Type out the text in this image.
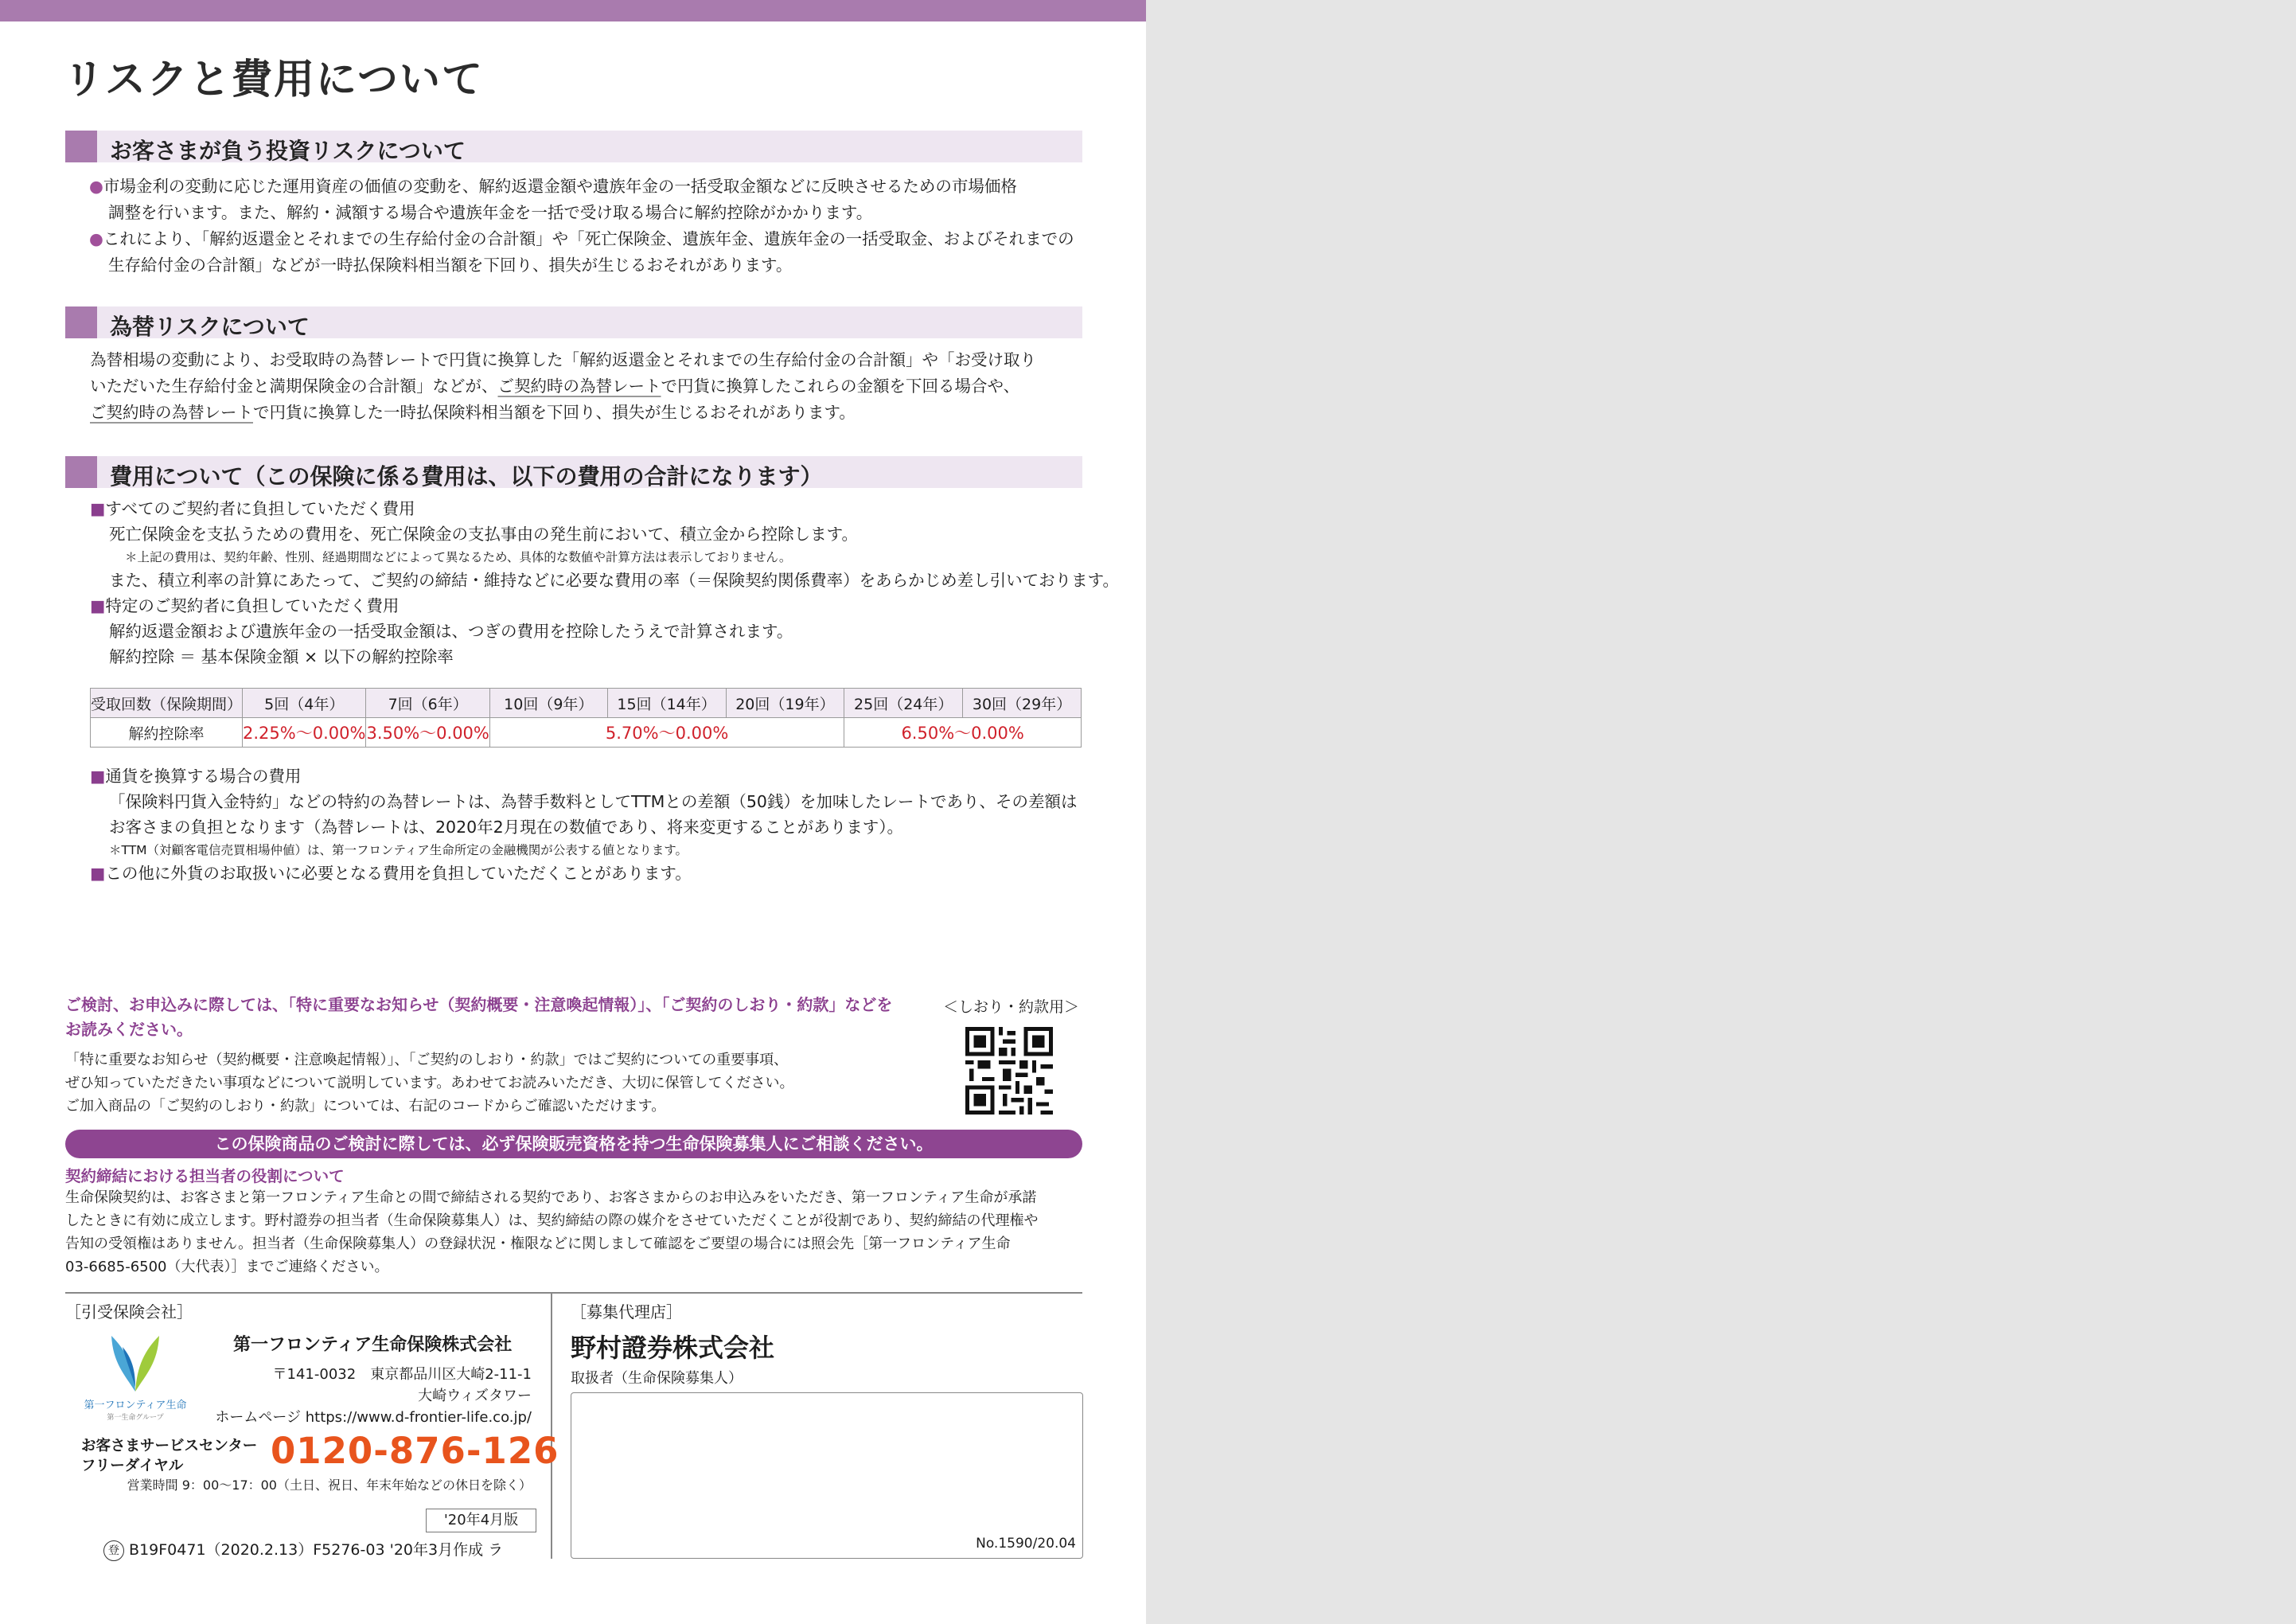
リスクと費用について
お客さまが負う投資リスクについて
●市場金利の変動に応じた運用資産の価値の変動を、解約返還金額や遺族年金の一括受取金額などに反映させるための市場価格
調整を行います。また、解約・減額する場合や遺族年金を一括で受け取る場合に解約控除がかかります。
●これにより、「解約返還金とそれまでの生存給付金の合計額」や「死亡保険金、遺族年金、遺族年金の一括受取金、およびそれまでの
生存給付金の合計額」などが一時払保険料相当額を下回り、損失が生じるおそれがあります。
為替リスクについて
為替相場の変動により、お受取時の為替レートで円貨に換算した「解約返還金とそれまでの生存給付金の合計額」や「お受け取り
いただいた生存給付金と満期保険金の合計額」などが、ご契約時の為替レートで円貨に換算したこれらの金額を下回る場合や、
ご契約時の為替レートで円貨に換算した一時払保険料相当額を下回り、損失が生じるおそれがあります。
費用について（この保険に係る費用は、以下の費用の合計になります）
■すべてのご契約者に負担していただく費用
死亡保険金を支払うための費用を、死亡保険金の支払事由の発生前において、積立金から控除します。
＊上記の費用は、契約年齢、性別、経過期間などによって異なるため、具体的な数値や計算方法は表示しておりません。
また、積立利率の計算にあたって、ご契約の締結・維持などに必要な費用の率（＝保険契約関係費率）をあらかじめ差し引いております。
■特定のご契約者に負担していただく費用
解約返還金額および遺族年金の一括受取金額は、つぎの費用を控除したうえで計算されます。
解約控除 ＝ 基本保険金額 × 以下の解約控除率
受取回数（保険期間）	5回（4年）	7回（6年）	10回（9年）	15回（14年）	20回（19年）	25回（24年）	30回（29年）
解約控除率	2.25%～0.00%	3.50%～0.00%	5.70%～0.00%			6.50%～0.00%	
■通貨を換算する場合の費用
「保険料円貨入金特約」などの特約の為替レートは、為替手数料としてTTMとの差額（50銭）を加味したレートであり、その差額は
お客さまの負担となります（為替レートは、2020年2月現在の数値であり、将来変更することがあります）。
＊TTM（対顧客電信売買相場仲値）は、第一フロンティア生命所定の金融機関が公表する値となります。
■この他に外貨のお取扱いに必要となる費用を負担していただくことがあります。
ご検討、お申込みに際しては、「特に重要なお知らせ（契約概要・注意喚起情報）」、「ご契約のしおり・約款」などを
お読みください。
＜しおり・約款用＞
「特に重要なお知らせ（契約概要・注意喚起情報）」、「ご契約のしおり・約款」ではご契約についての重要事項、
ぜひ知っていただきたい事項などについて説明しています。あわせてお読みいただき、大切に保管してください。
ご加入商品の「ご契約のしおり・約款」については、右記のコードからご確認いただけます。
この保険商品のご検討に際しては、必ず保険販売資格を持つ生命保険募集人にご相談ください。
契約締結における担当者の役割について
生命保険契約は、お客さまと第一フロンティア生命との間で締結される契約であり、お客さまからのお申込みをいただき、第一フロンティア生命が承諾
したときに有効に成立します。野村證券の担当者（生命保険募集人）は、契約締結の際の媒介をさせていただくことが役割であり、契約締結の代理権や
告知の受領権はありません。担当者（生命保険募集人）の登録状況・権限などに関しまして確認をご要望の場合には照会先［第一フロンティア生命
03-6685-6500（大代表）］までご連絡ください。
［引受保険会社］
第一フロンティア生命
第一生命グループ
第一フロンティア生命保険株式会社
〒141-0032　東京都品川区大崎2-11-1
大崎ウィズタワー
ホームページ https://www.d-frontier-life.co.jp/
お客さまサービスセンター
フリーダイヤル	0120-876-126
営業時間 9：00～17：00（土日、祝日、年末年始などの休日を除く）
'20年4月版
登 B19F0471（2020.2.13）F5276-03 '20年3月作成 ラ
［募集代理店］
野村證券株式会社
取扱者（生命保険募集人）
No.1590/20.04
